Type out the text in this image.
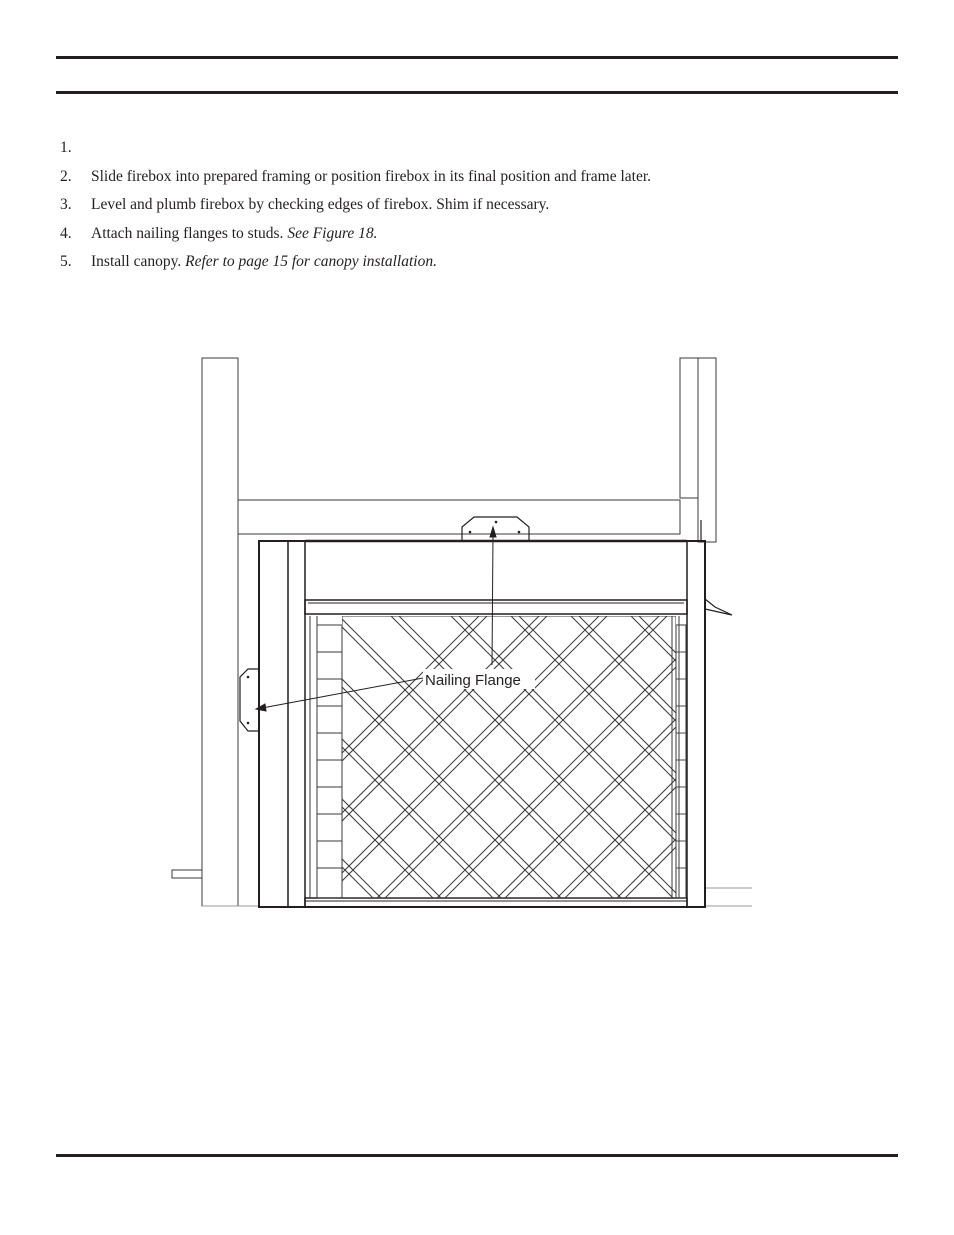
1.
2.	Slide firebox into prepared framing or position firebox in its final position and frame later.
3.	Level and plumb firebox by checking edges of firebox. Shim if necessary.
4.	Attach nailing flanges to studs. See Figure 18.
5.	Install canopy. Refer to page 15 for canopy installation.
Nailing Flange
